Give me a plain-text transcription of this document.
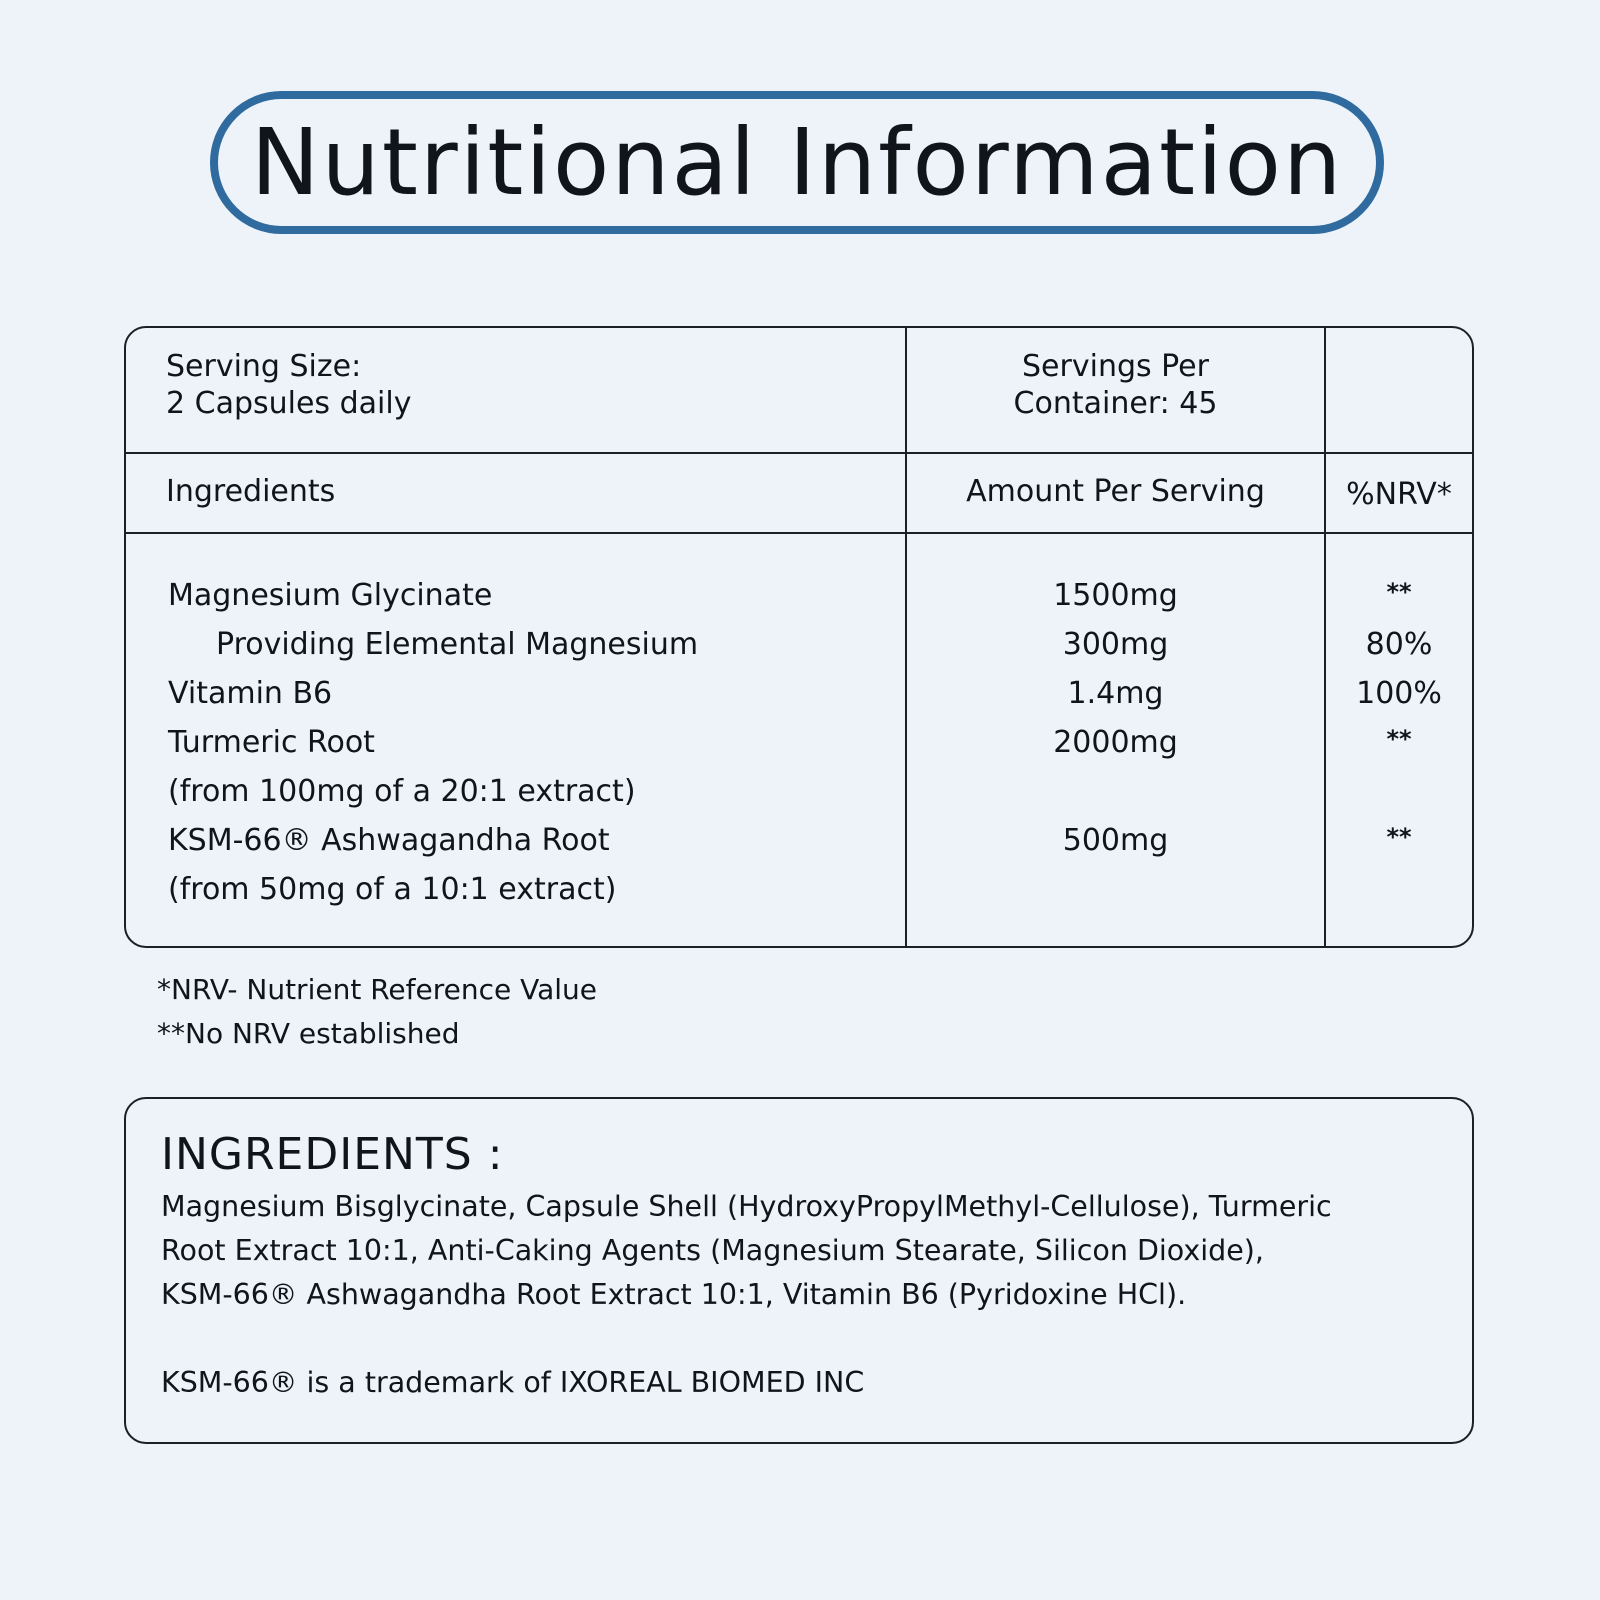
Nutritional Information
Serving Size:
2 Capsules daily
Servings Per
Container: 45
Ingredients	Amount Per Serving	%NRV*
Magnesium Glycinate	1500mg	**
Providing Elemental Magnesium	300mg	80%
Vitamin B6	1.4mg	100%
Turmeric Root	2000mg	**
(from 100mg of a 20:1 extract)
KSM-66® Ashwagandha Root	500mg	**
(from 50mg of a 10:1 extract)
*NRV- Nutrient Reference Value
**No NRV established
INGREDIENTS :

Magnesium Bisglycinate, Capsule Shell (HydroxyPropylMethyl-Cellulose), Turmeric

Root Extract 10:1, Anti-Caking Agents (Magnesium Stearate, Silicon Dioxide),

KSM-66® Ashwagandha Root Extract 10:1, Vitamin B6 (Pyridoxine HCl).

KSM-66® is a trademark of IXOREAL BIOMED INC
